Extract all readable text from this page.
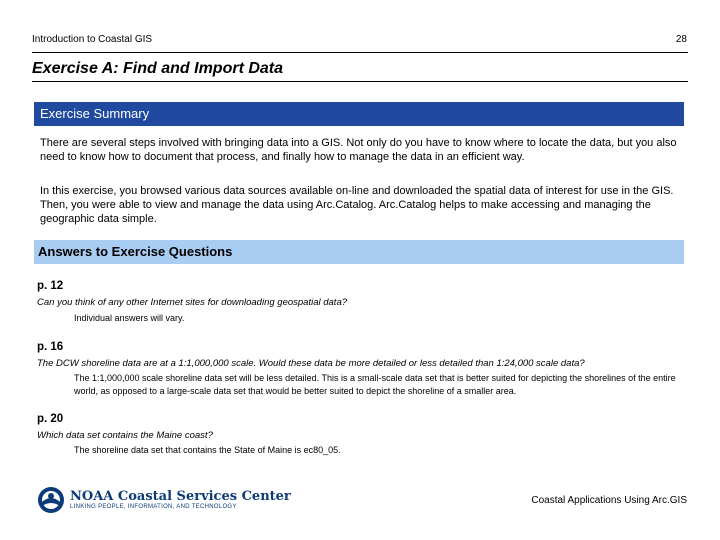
Introduction to Coastal GIS	28
Exercise A: Find and Import Data
Exercise Summary
There are several steps involved with bringing data into a GIS. Not only do you have to know where to locate the data, but you also need to know how to document that process, and finally how to manage the data in an efficient way.
In this exercise, you browsed various data sources available on-line and downloaded the spatial data of interest for use in the GIS. Then, you were able to view and manage the data using Arc.Catalog. Arc.Catalog helps to make accessing and managing the geographic data simple.
Answers to Exercise Questions
p. 12
Can you think of any other Internet sites for downloading geospatial data?
Individual answers will vary.
p. 16
The DCW shoreline data are at a 1:1,000,000 scale. Would these data be more detailed or less detailed than 1:24,000 scale data?
The 1:1,000,000 scale shoreline data set will be less detailed. This is a small-scale data set that is better suited for depicting the shorelines of the entire world, as opposed to a large-scale data set that would be better suited to depict the shoreline of a smaller area.
p. 20
Which data set contains the Maine coast?
The shoreline data set that contains the State of Maine is ec80_05.
NOAA Coastal Services Center
LINKING PEOPLE, INFORMATION, AND TECHNOLOGY
Coastal Applications Using Arc.GIS
